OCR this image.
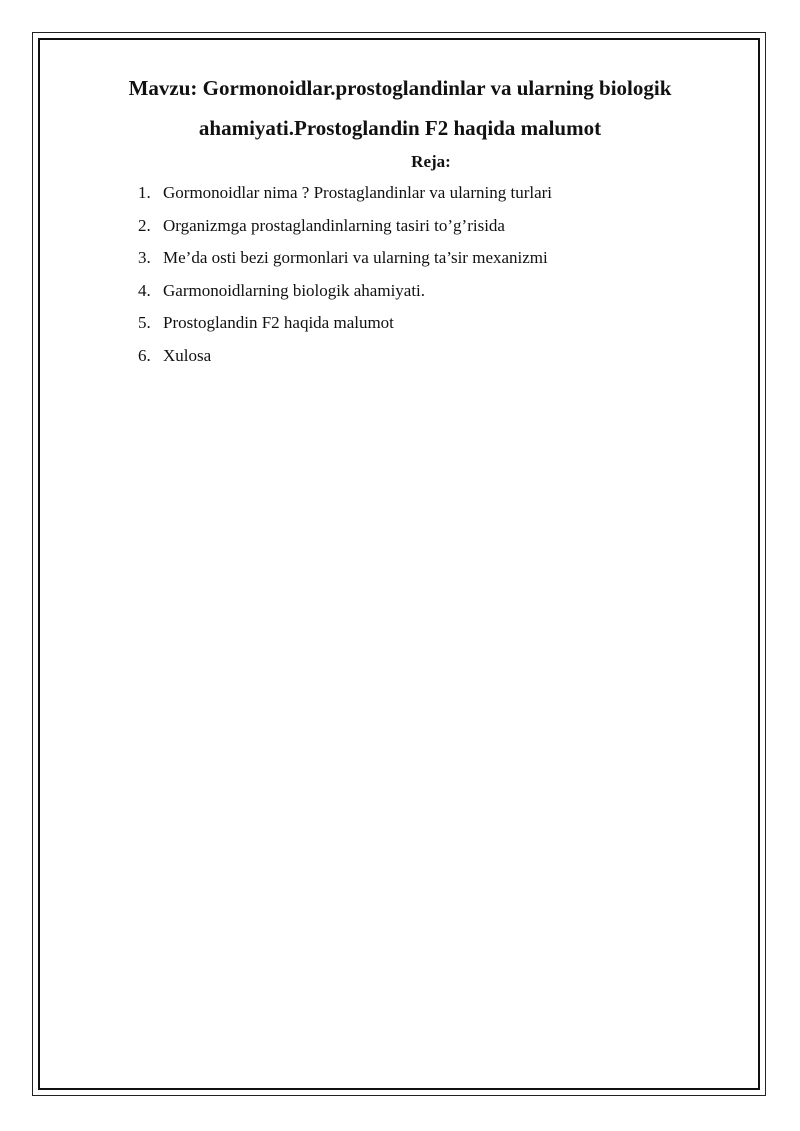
Mavzu: Gormonoidlar.prostoglandinlar va ularning biologik
ahamiyati.Prostoglandin F2 haqida malumot
Reja:
1. Gormonoidlar nima ? Prostaglandinlar va ularning turlari
2. Organizmga prostaglandinlarning tasiri to’g’risida
3. Me’da osti bezi gormonlari va ularning ta’sir mexanizmi
4. Garmonoidlarning biologik ahamiyati.
5. Prostoglandin F2 haqida malumot
6. Xulosa
